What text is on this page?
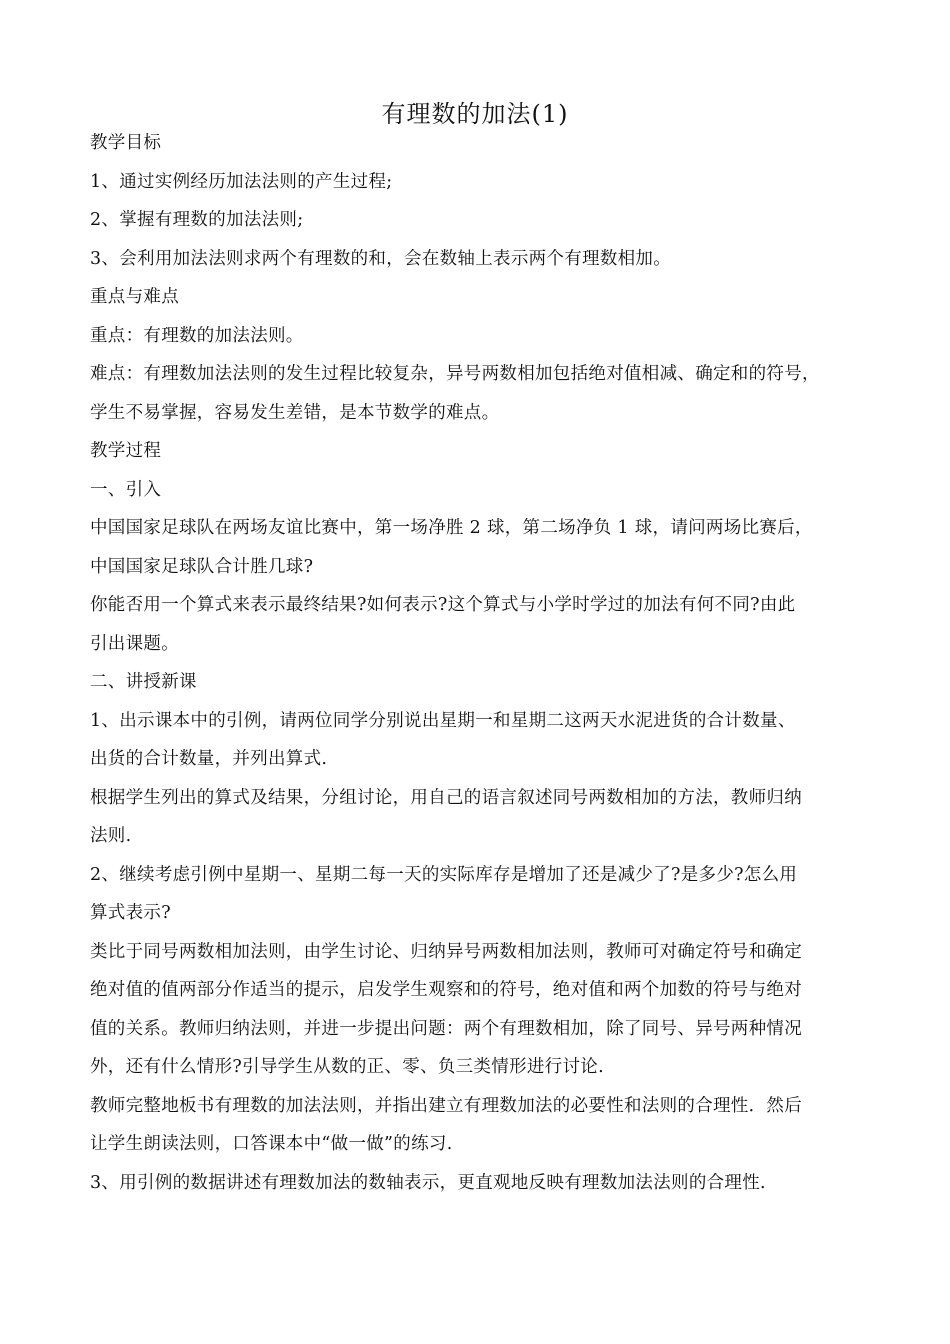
有理数的加法(1)

教学目标

1、通过实例经历加法法则的产生过程;

2、掌握有理数的加法法则;

3、会利用加法法则求两个有理数的和，会在数轴上表示两个有理数相加。

重点与难点

重点：有理数的加法法则。

难点：有理数加法法则的发生过程比较复杂，异号两数相加包括绝对值相减、确定和的符号，

学生不易掌握，容易发生差错，是本节数学的难点。

教学过程

一、引入

中国国家足球队在两场友谊比赛中，第一场净胜 2 球，第二场净负 1 球，请问两场比赛后，

中国国家足球队合计胜几球?

你能否用一个算式来表示最终结果?如何表示?这个算式与小学时学过的加法有何不同?由此

引出课题。

二、讲授新课

1、出示课本中的引例，请两位同学分别说出星期一和星期二这两天水泥进货的合计数量、

出货的合计数量，并列出算式.

根据学生列出的算式及结果，分组讨论，用自己的语言叙述同号两数相加的方法，教师归纳

法则.

2、继续考虑引例中星期一、星期二每一天的实际库存是增加了还是减少了?是多少?怎么用

算式表示?

类比于同号两数相加法则，由学生讨论、归纳异号两数相加法则，教师可对确定符号和确定

绝对值的值两部分作适当的提示，启发学生观察和的符号，绝对值和两个加数的符号与绝对

值的关系。教师归纳法则，并进一步提出问题：两个有理数相加，除了同号、异号两种情况

外，还有什么情形?引导学生从数的正、零、负三类情形进行讨论.

教师完整地板书有理数的加法法则，并指出建立有理数加法的必要性和法则的合理性．然后

让学生朗读法则，口答课本中“做一做”的练习.

3、用引例的数据讲述有理数加法的数轴表示，更直观地反映有理数加法法则的合理性.
